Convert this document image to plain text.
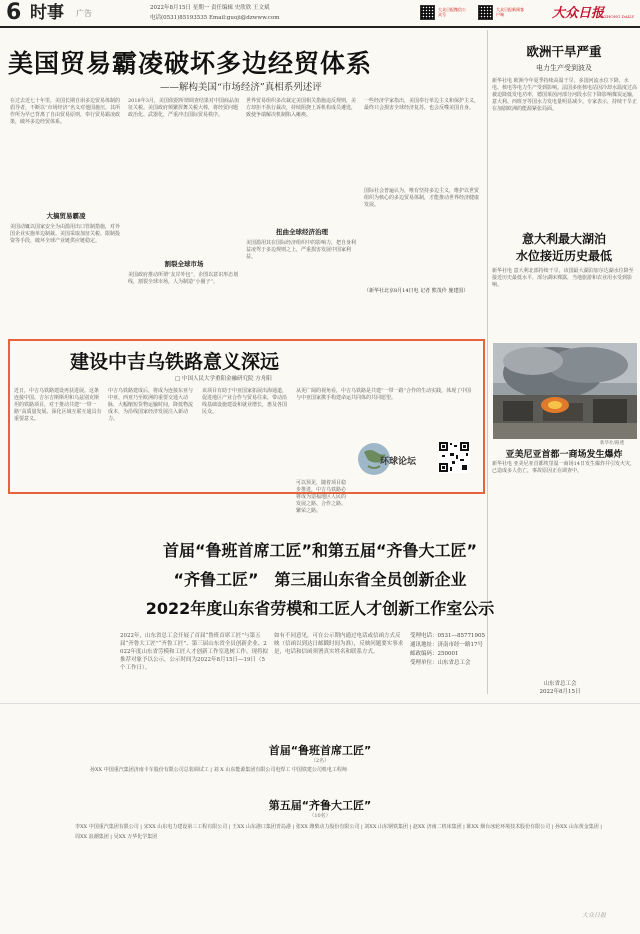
6 时事 广告
2022年8月15日 星期一 责任编辑 史欣欣 王文斌
电话(0531)85193535 Email:guoji@dzwww.com
大众日报微信公众号
大众日报新闻客户端	大众日报
DAZHONG DAILY
美国贸易霸凌破坏多边经贸体系
——解构美国“市场经济”真相系列述评
在过去近七十年里，美国长期自诩多边贸易体制的倡导者，不断以“市场经济”名义对他国施压，其所作所为早已背离了自由贸易原则，奉行贸易霸凌政策，破坏多边经贸体系。
大搞贸易霸凌
美国动辄以国家安全为由滥用出口管制措施，对外国企业实施单边制裁。美国采取加征关税、限制投资等手段，破坏全球产业链供应链稳定。
2018年3月，美国依据所谓调查结果对中国商品加征关税。美国政府频繁挥舞关税大棒，将经贸问题政治化、武器化，严重冲击国际贸易秩序。
割裂全球市场
美国政府推动所谓“友岸外包”，企图以意识形态划线，割裂全球市场，人为制造“小圈子”。
世界贸易组织多次裁定美国相关措施违反规则，美方却拒不执行裁决，持续阻挠上诉机构成员遴选，致使争端解决机制陷入瘫痪。
扭曲全球经济治理
美国滥用其在国际经济组织中的影响力，把自身利益凌驾于多边规则之上，严重损害发展中国家利益。
一些经济学家指出，美国奉行单边主义和保护主义，最终只会损害全球经济复苏，也会反噬美国自身。
国际社会普遍认为，唯有坚持多边主义，维护以世贸组织为核心的多边贸易体制，才能推动世界经济健康发展。
（新华社北京8月14日电 记者 熊茂伶 施建国）
欧洲干旱严重
电力生产受到波及
新华社电 欧洲今年夏季持续高温干旱，多国河流水位下降，水电、核电等电力生产受到影响。法国多座核电站因冷却水温度过高被迫降低发电功率，德国莱茵河部分河段水位下降影响煤炭运输，意大利、西班牙等国水力发电量明显减少。专家表示，持续干旱正在加剧欧洲的能源紧张局面。
意大利最大湖泊
水位接近历史最低
新华社电 意大利北部持续干旱，该国最大湖泊加尔达湖水位降至接近历史最低水平，部分湖床裸露，当地旅游和农业用水受到影响。
新华社/路透
亚美尼亚首都一商场发生爆炸
新华社电 亚美尼亚首都埃里温一商场14日发生爆炸并引发火灾，已造成多人伤亡，事故原因正在调查中。
建设中吉乌铁路意义深远
□ 中国人民大学重阳金融研究院 方舟阳
近日，中吉乌铁路建设再获进展。这条连接中国、吉尔吉斯斯坦和乌兹别克斯坦的铁路项目，对于推动共建“一带一路”高质量发展、深化区域互联互通具有重要意义。
中吉乌铁路建成后，将成为连接东亚与中亚、西亚乃至欧洲的重要交通大动脉，大幅缩短货物运输时间，降低物流成本，为沿线国家经济发展注入新动力。
该项目有助于中亚国家拓展出海通道，促进地区产业合作与贸易往来，带动沿线基础设施建设和就业增长，惠及各国民众。
从更广阔的视角看，中吉乌铁路是共建“一带一路”合作的生动实践，体现了中国与中亚国家携手构建命运共同体的共同愿望。
可以预见，随着项目稳步推进，中吉乌铁路必将成为造福地区人民的发展之路、合作之路、繁荣之路。
环球论坛
首届“鲁班首席工匠”和第五届“齐鲁大工匠”
“齐鲁工匠”　第三届山东省全员创新企业
2022年度山东省劳模和工匠人才创新工作室公示
2022年，山东省总工会开展了首届“鲁班首席工匠”与第五届“齐鲁大工匠”“齐鲁工匠”、第三届山东省全员创新企业、2022年度山东省劳模和工匠人才创新工作室选树工作。现将拟推荐对象予以公示，公示时间为2022年8月15日—19日（5个工作日）。
如有不同意见，可在公示期内通过电话或信函方式反映（信函以到达日邮戳时间为准），反映问题要实事求是，电话和信函须署真实姓名和联系方式。
受理电话：0531—85771905
通讯地址：济南市经一路17号
邮政编码：250001
受理单位：山东省总工会
山东省总工会
2022年8月15日
首届“鲁班首席工匠”
（2名）
孙XX 中国重汽集团济南卡车股份有限公司总装调试工 | 刘 X 山东能源集团有限公司电焊工 中国铁建公司机电工程师
第五届“齐鲁大工匠”
（10名）
李XX 中国重汽集团有限公司 | 宋XX 山东电力建设第三工程有限公司 | 王XX 山东港口集团青岛港 | 张XX 潍柴动力股份有限公司 | 刘XX 山东钢铁集团 | 赵XX 济南二机床集团 | 陈XX 烟台冰轮环境技术股份有限公司 | 孙XX 山东黄金集团 | 周XX 浪潮集团 | 吴XX 万华化学集团
大众日报
